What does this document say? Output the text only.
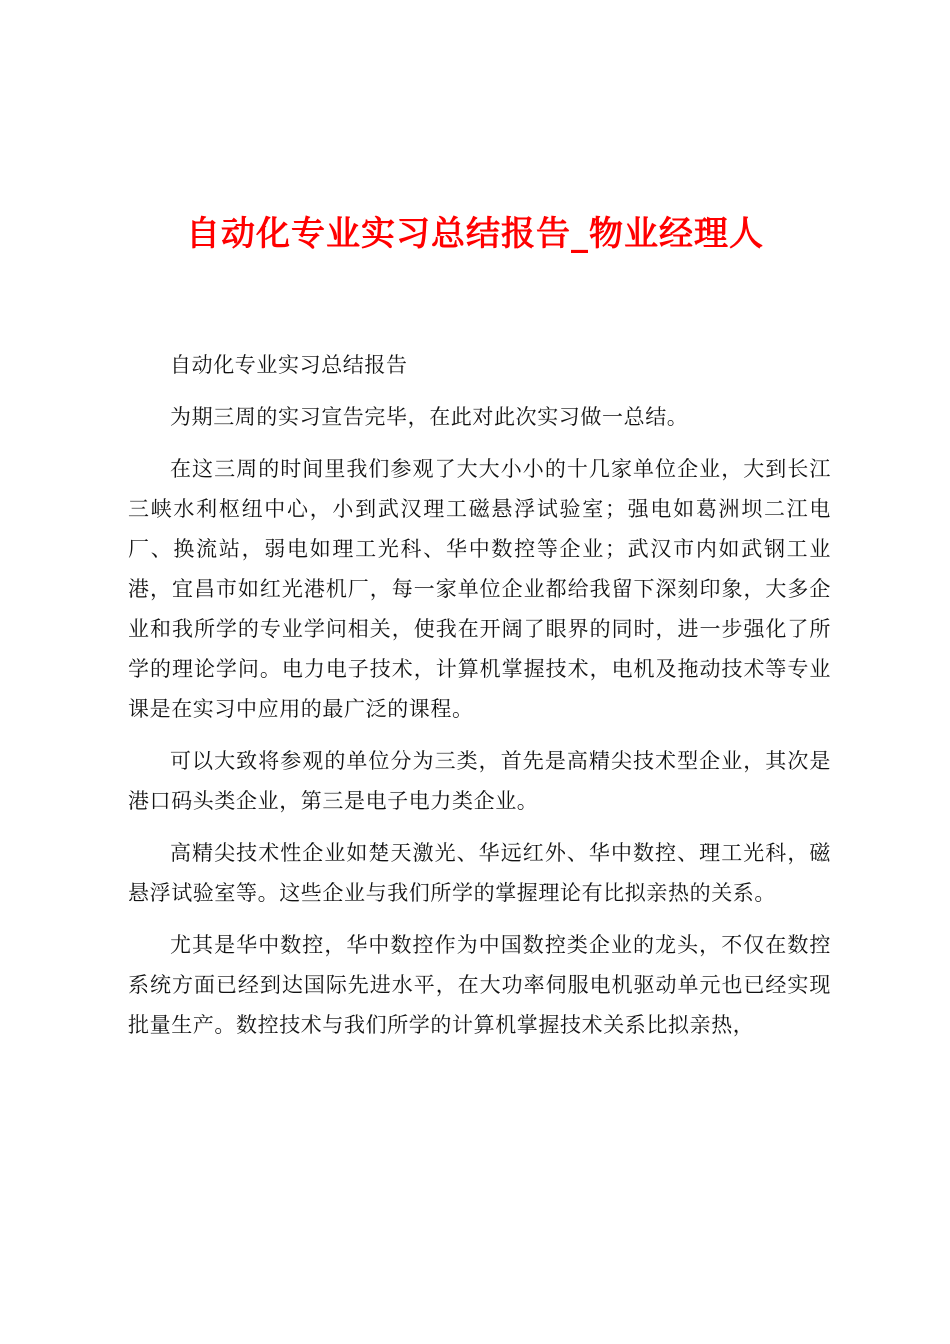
自动化专业实习总结报告_物业经理人

自动化专业实习总结报告

为期三周的实习宣告完毕，在此对此次实习做一总结。

在这三周的时间里我们参观了大大小小的十几家单位企业，大到长江三峡水利枢纽中心，小到武汉理工磁悬浮试验室；强电如葛洲坝二江电厂、换流站，弱电如理工光科、华中数控等企业；武汉市内如武钢工业港，宜昌市如红光港机厂，每一家单位企业都给我留下深刻印象，大多企业和我所学的专业学问相关，使我在开阔了眼界的同时，进一步强化了所学的理论学问。电力电子技术，计算机掌握技术，电机及拖动技术等专业课是在实习中应用的最广泛的课程。

可以大致将参观的单位分为三类，首先是高精尖技术型企业，其次是港口码头类企业，第三是电子电力类企业。

高精尖技术性企业如楚天激光、华远红外、华中数控、理工光科，磁悬浮试验室等。这些企业与我们所学的掌握理论有比拟亲热的关系。

尤其是华中数控，华中数控作为中国数控类企业的龙头，不仅在数控系统方面已经到达国际先进水平，在大功率伺服电机驱动单元也已经实现批量生产。数控技术与我们所学的计算机掌握技术关系比拟亲热，
